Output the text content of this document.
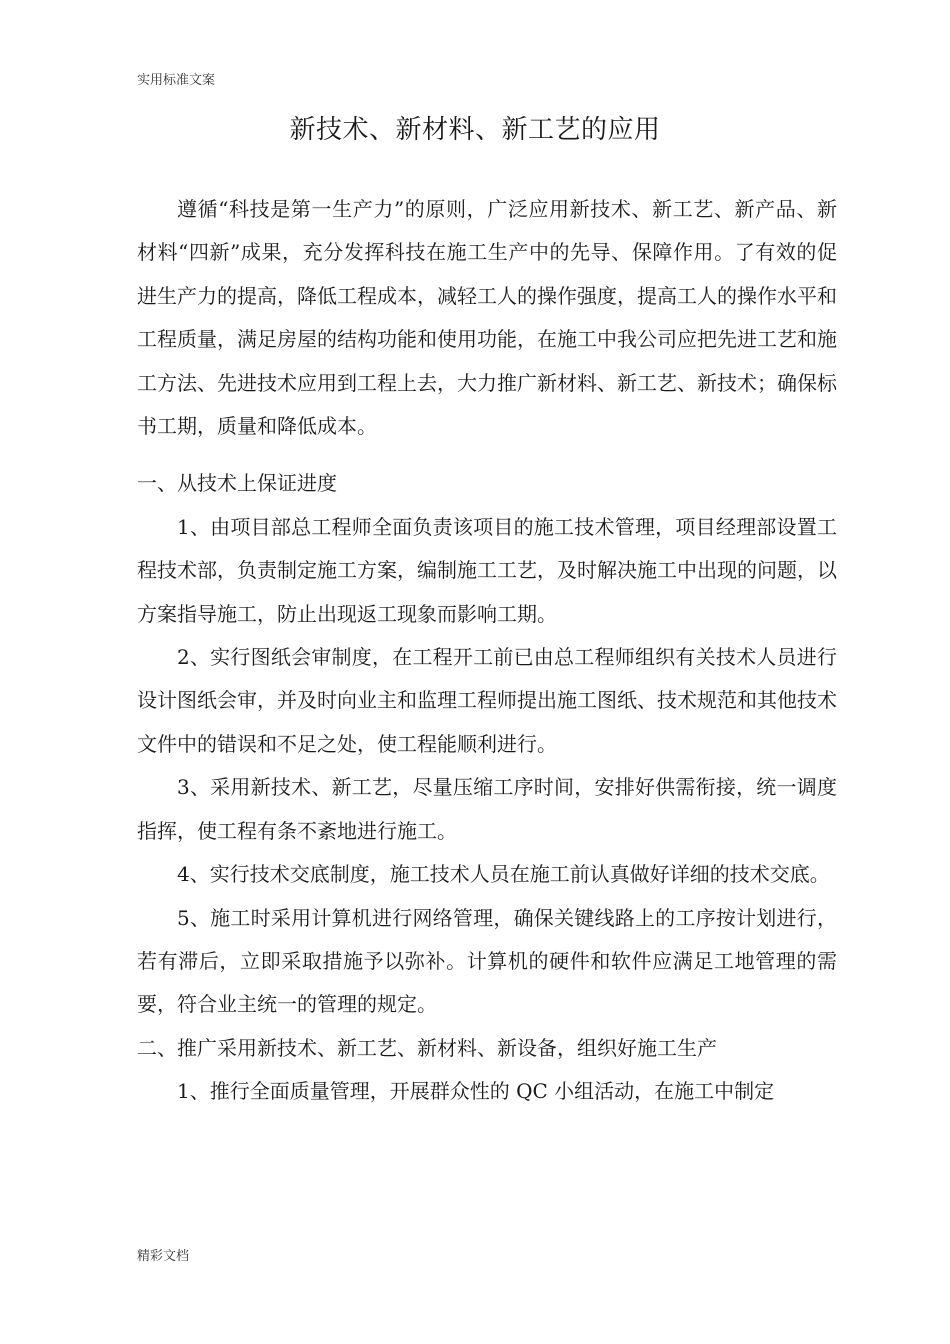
实用标准文案
新技术、新材料、新工艺的应用

遵循“科技是第一生产力”的原则，广泛应用新技术、新工艺、新产品、新材料“四新”成果，充分发挥科技在施工生产中的先导、保障作用。了有效的促进生产力的提高，降低工程成本，减轻工人的操作强度，提高工人的操作水平和工程质量，满足房屋的结构功能和使用功能，在施工中我公司应把先进工艺和施工方法、先进技术应用到工程上去，大力推广新材料、新工艺、新技术；确保标书工期，质量和降低成本。

一、从技术上保证进度

1、由项目部总工程师全面负责该项目的施工技术管理，项目经理部设置工程技术部，负责制定施工方案，编制施工工艺，及时解决施工中出现的问题，以方案指导施工，防止出现返工现象而影响工期。

2、实行图纸会审制度，在工程开工前已由总工程师组织有关技术人员进行设计图纸会审，并及时向业主和监理工程师提出施工图纸、技术规范和其他技术文件中的错误和不足之处，使工程能顺利进行。

3、采用新技术、新工艺，尽量压缩工序时间，安排好供需衔接，统一调度指挥，使工程有条不紊地进行施工。

4、实行技术交底制度，施工技术人员在施工前认真做好详细的技术交底。

5、施工时采用计算机进行网络管理，确保关键线路上的工序按计划进行，若有滞后，立即采取措施予以弥补。计算机的硬件和软件应满足工地管理的需要，符合业主统一的管理的规定。

二、推广采用新技术、新工艺、新材料、新设备，组织好施工生产

1、推行全面质量管理，开展群众性的 QC 小组活动，在施工中制定

精彩文档
